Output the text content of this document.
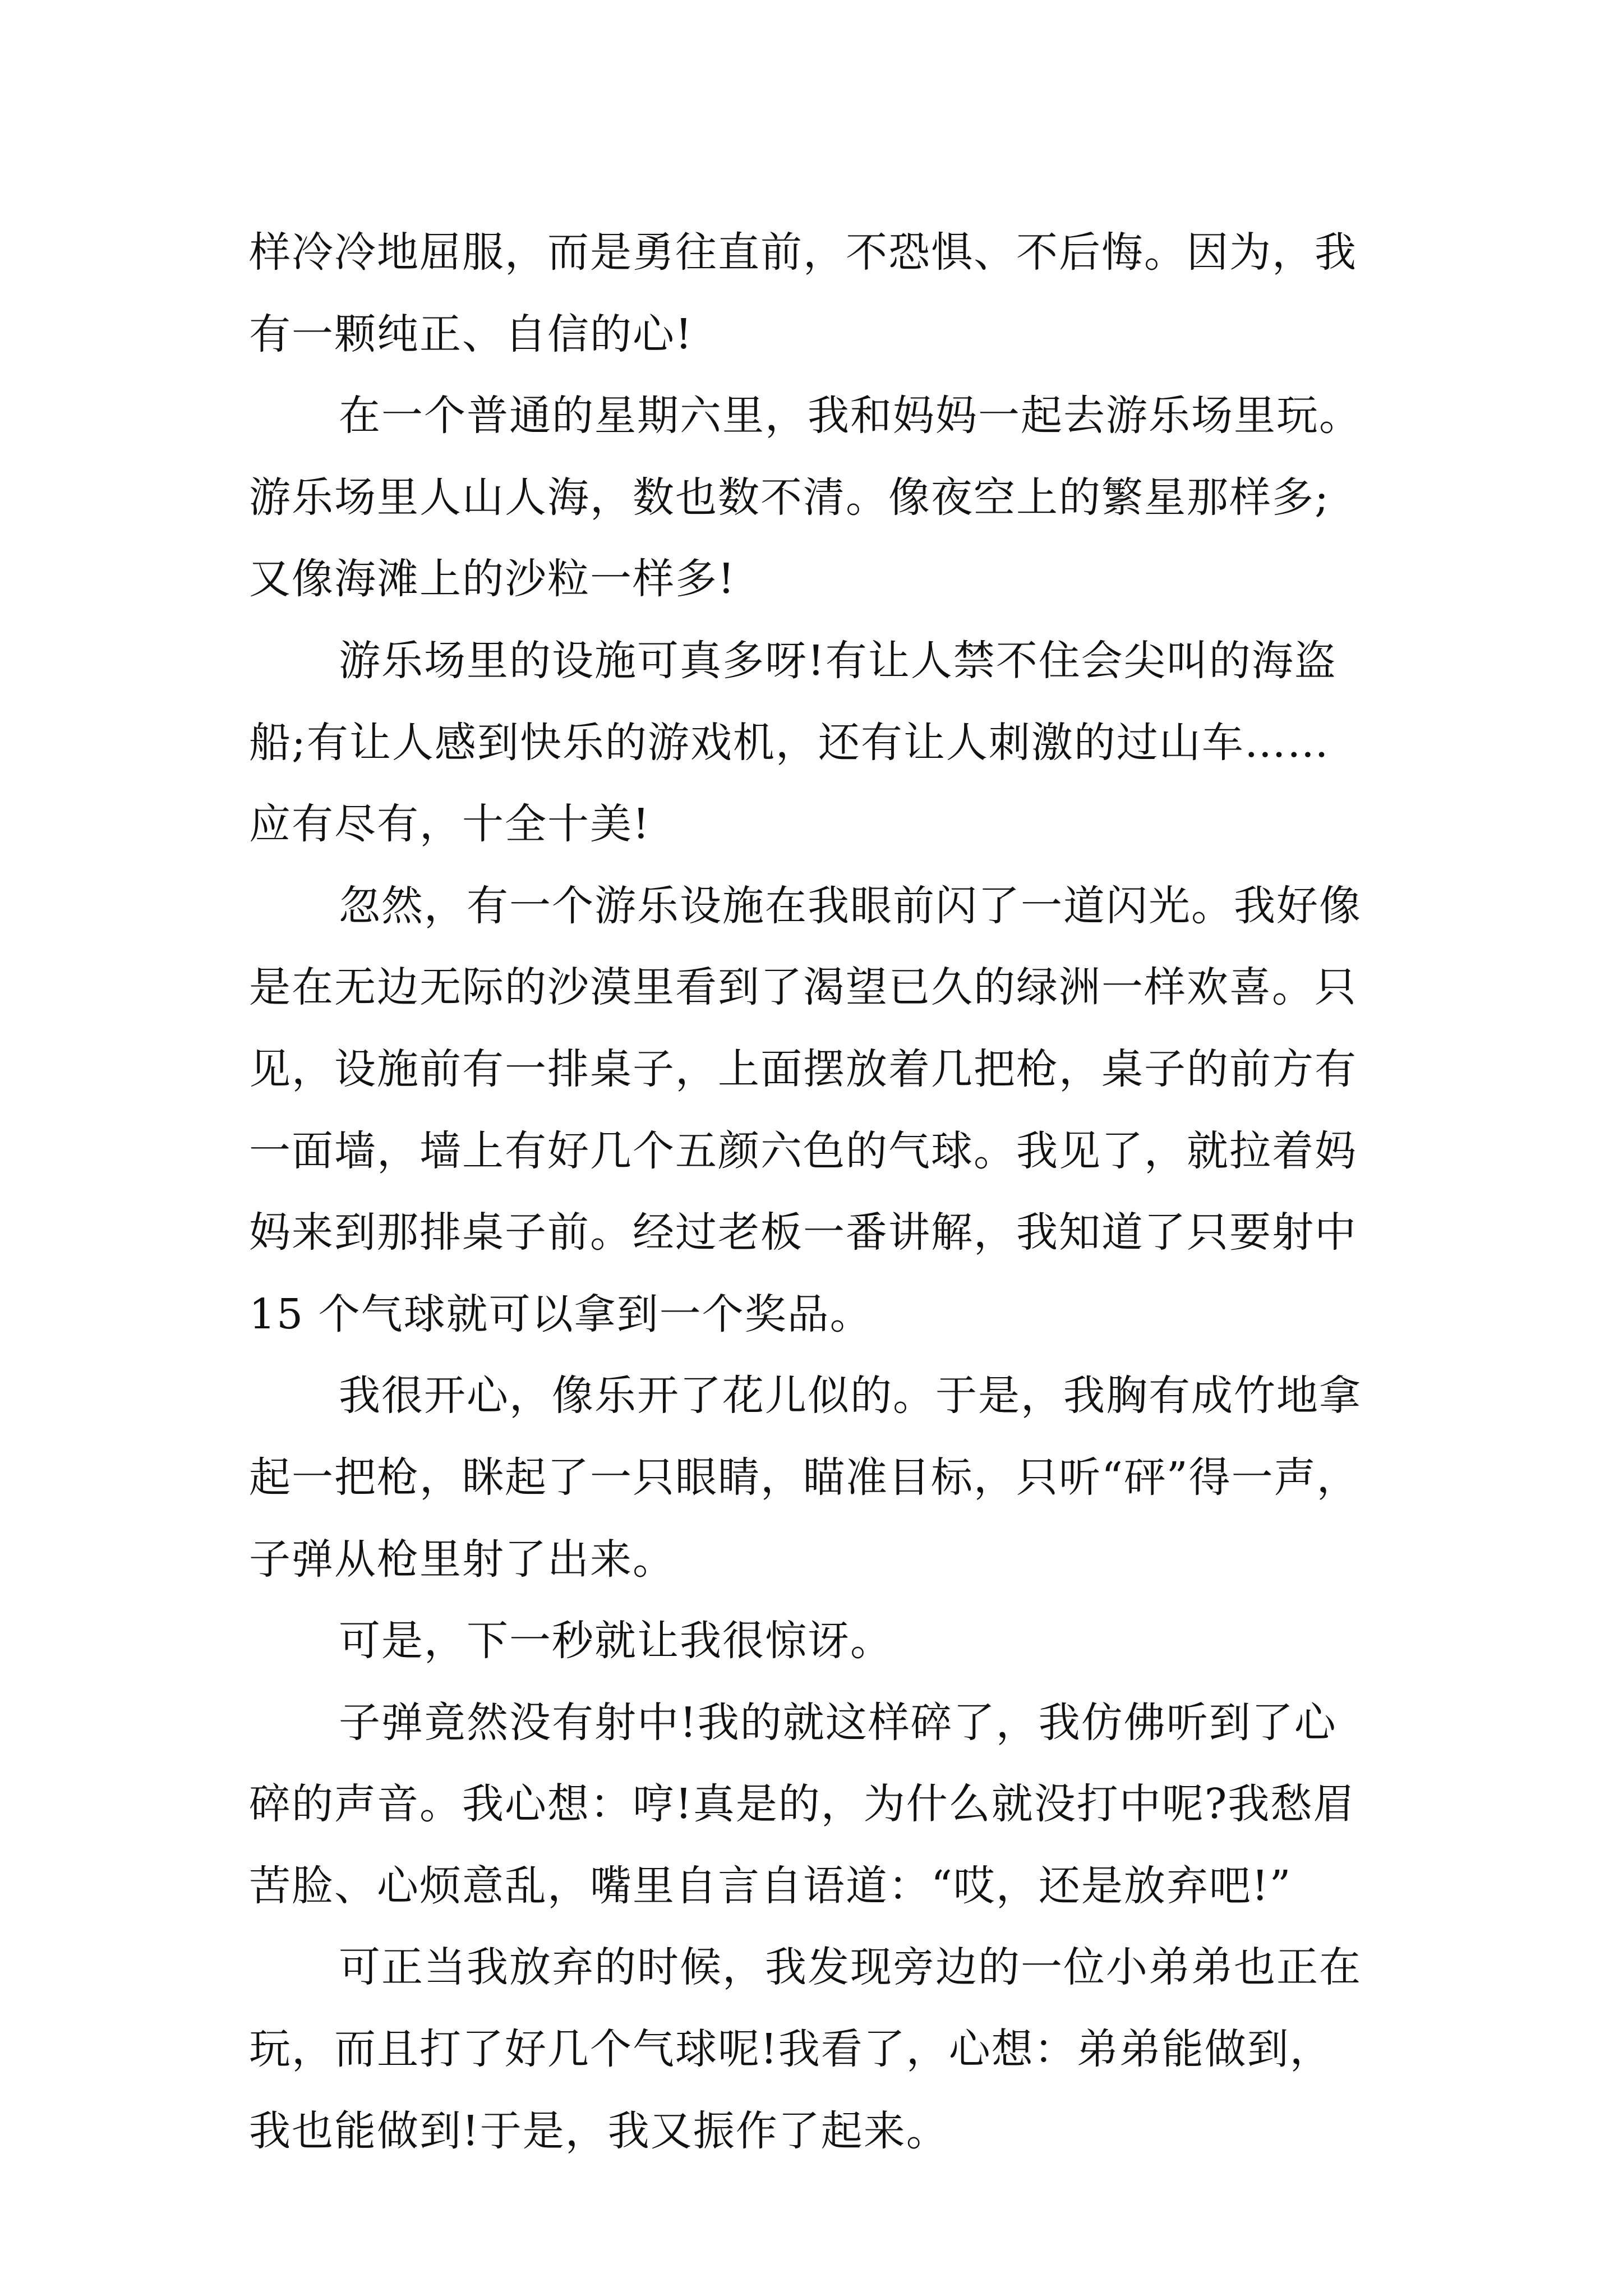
样冷冷地屈服，而是勇往直前，不恐惧、不后悔。因为，我
有一颗纯正、自信的心!
在一个普通的星期六里，我和妈妈一起去游乐场里玩。
游乐场里人山人海，数也数不清。像夜空上的繁星那样多;
又像海滩上的沙粒一样多!
游乐场里的设施可真多呀!有让人禁不住会尖叫的海盗
船;有让人感到快乐的游戏机，还有让人刺激的过山车……
应有尽有，十全十美!
忽然，有一个游乐设施在我眼前闪了一道闪光。我好像
是在无边无际的沙漠里看到了渴望已久的绿洲一样欢喜。只
见，设施前有一排桌子，上面摆放着几把枪，桌子的前方有
一面墙，墙上有好几个五颜六色的气球。我见了，就拉着妈
妈来到那排桌子前。经过老板一番讲解，我知道了只要射中
15 个气球就可以拿到一个奖品。
我很开心，像乐开了花儿似的。于是，我胸有成竹地拿
起一把枪，眯起了一只眼睛，瞄准目标，只听“砰”得一声，
子弹从枪里射了出来。
可是，下一秒就让我很惊讶。
子弹竟然没有射中!我的就这样碎了，我仿佛听到了心
碎的声音。我心想：哼!真是的，为什么就没打中呢?我愁眉
苦脸、心烦意乱，嘴里自言自语道：“哎，还是放弃吧!”
可正当我放弃的时候，我发现旁边的一位小弟弟也正在
玩，而且打了好几个气球呢!我看了，心想：弟弟能做到，
我也能做到!于是，我又振作了起来。
